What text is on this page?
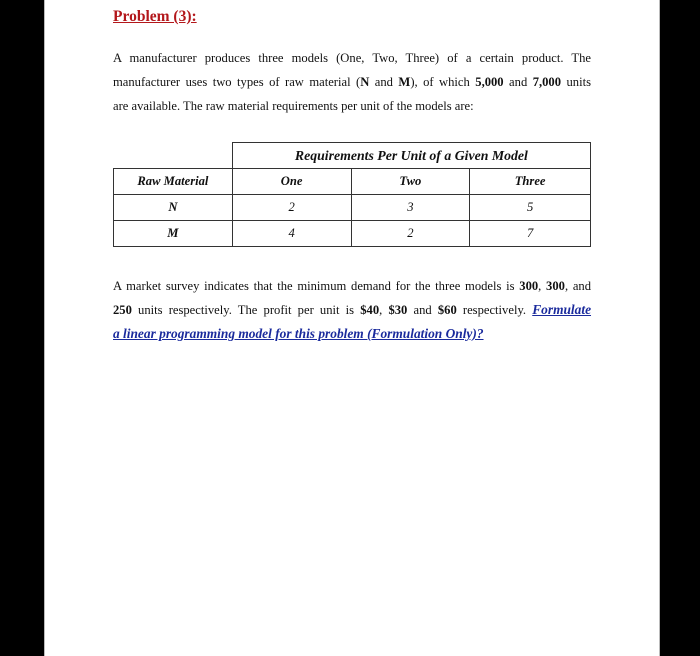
Problem (3):
A manufacturer produces three models (One, Two, Three) of a certain product. The
manufacturer uses two types of raw material (N and M), of which 5,000 and 7,000 units
are available. The raw material requirements per unit of the models are:
	Requirements Per Unit of a Given Model		
Raw Material	One	Two	Three
N	2	3	5
M	4	2	7
A market survey indicates that the minimum demand for the three models is 300, 300, and
250 units respectively. The profit per unit is $40, $30 and $60 respectively. Formulate
a linear programming model for this problem (Formulation Only)?
